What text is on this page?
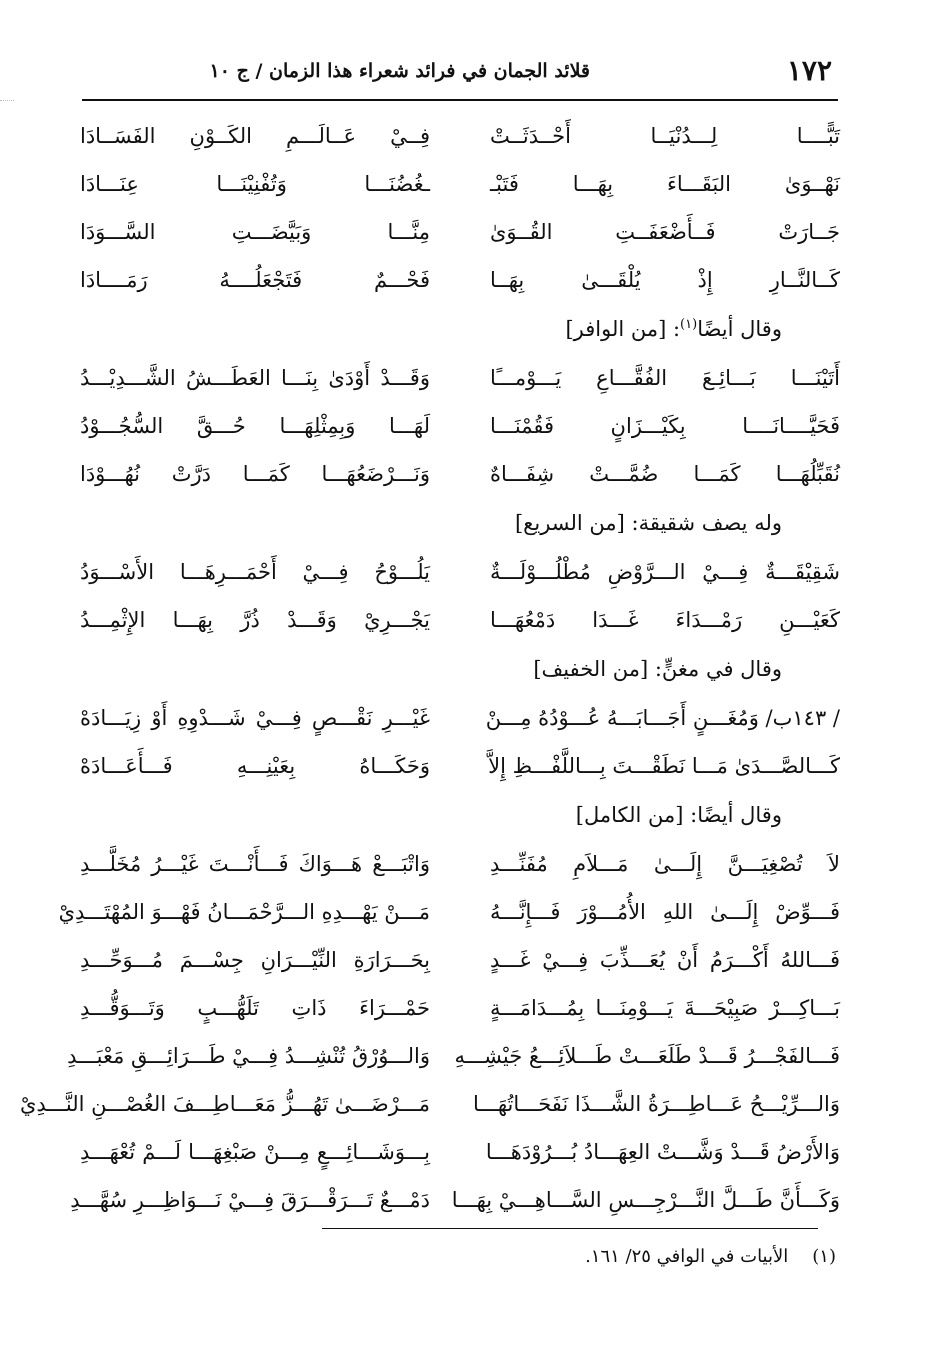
١٧٢
قلائد الجمان في فرائد شعراء هذا الزمان / ج ١٠
تَبًّــــا لِـــدُنْيَــا أَحْــدَثَــتْ
فِــيْ عَــالَـــمِ الكَــوْنِ الفَسَــادَا
نَهْــوَىٰ البَقَـــاءَ بِهَـــا فَتَبْـ
ـغُضُنَـــا وَتُفْنِيْنَـــا عِنَـــادَا
جَــارَتْ فَــأَضْعَفَــتِ القُــوَىٰ
مِنَّـــا وَبَيَّضَـــتِ السَّـــوَدَا
كَــالنَّــارِ إِذْ يُلْقَـــىٰ بِهَــا
فَحْـــمٌ فَتَجْعَلُــــهُ رَمَــــادَا
وقال أيضًا$^{(١)}$: [من الوافر]
أَتَيْنَـــا بَـــائِـعَ الفُقَّـــاعِ يَـــوْمـــًا
وَقَـــدْ أَوْدَىٰ بِنَـــا العَطَـــشُ الشَّـــدِيْـــدُ
فَحَيَّــــانَــــا بِكَيْـــزَانٍ فَقُمْنَـــا
لَهَـــا وَبِمِثْلِهَـــا حُـــقَّ السُّجُـــوْدُ
نُقَبِّلُهَـــا كَمَـــا ضُمَّـــتْ شِفَـــاهٌ
وَنَـــرْضَعُهَـــا كَمَـــا دَرَّتْ نُهُـــوْدَا
وله يصف شقيقة: [من السريع]
شَقِيْقَـــةٌ فِـــيْ الـــرَّوْضِ مُطْلُـــوْلَـــةٌ
يَلُـــوْحُ فِـــيْ أَحْمَـــرِهَـــا الأَسْـــوَدُ
كَعَيْـــنِ رَمْـــدَاءَ غَـــدَا دَمْعُهَـــا
يَجْـــرِيْ وَقَـــدْ ذُرَّ بِهَـــا الإِثْمِـــدُ
وقال في مغنٍّ: [من الخفيف]
/ ١٤٣ب/ وَمُغَـــنٍ أَجَـــابَـــهُ عُـــوْدُهُ مِـــنْ
غَيْـــرِ نَقْـــصٍ فِـــيْ شَـــدْوِهِ أَوْ زِيَـــادَهْ
كَـــالصَّـــدَىٰ مَـــا نَطَقْـــتَ بِـــاللَّفْـــظِ إِلاَّ
وَحَكَـــاهُ بِعَيْنِـــهِ فَـــأَعَـــادَهْ
وقال أيضًا: [من الكامل]
لاَ تُصْغِيَـــنَّ إِلَـــىٰ مَـــلاَمِ مُفَنِّـــدِ
وَاتْبَـــعْ هَـــوَاكَ فَـــأَنْـــتَ غَيْـــرُ مُخَلَّـــدِ
فَـــوِّضْ إِلَـــىٰ اللهِ الأُمُـــوْرَ فَـــإِنَّـــهُ
مَـــنْ يَهْـــدِهِ الـــرَّحْمَـــانُ فَهْـــوَ المُهْتَـــدِيْ
فَـــاللهُ أَكْـــرَمُ أَنْ يُعَـــذِّبَ فِـــيْ غَـــدٍ
بِحَـــرَارَةِ النِّيْـــرَانِ جِسْـــمَ مُـــوَحِّـــدِ
بَـــاكِـــرْ صَبِيْحَـــةَ يَـــوْمِنَـــا بِمُـــدَامَـــةٍ
حَمْـــرَاءَ ذَاتِ تَلَهُّـــبٍ وَتَـــوَقُّـــدِ
فَـــالفَجْـــرُ قَـــدْ طَلَعَـــتْ طَـــلاَئِـــعُ جَيْشِـــهِ
وَالـــوُرْقُ تُنْشِـــدُ فِـــيْ طَـــرَائِـــقِ مَعْبَـــدِ
وَالـــرِّيْـــحُ عَـــاطِـــرَةُ الشَّـــذَا نَفَحَـــاتُهَـــا
مَـــرْضَـــىٰ تَهُـــزُّ مَعَـــاطِـــفَ الغُصْـــنِ النَّـــدِيْ
وَالأَرْضُ قَـــدْ وَشَّـــتْ العِهَـــادُ بُـــرُوْدَهَـــا
بِـــوَشَـــائِـــعٍ مِـــنْ صَبْغِهَـــا لَـــمْ تُعْهَـــدِ
وَكَـــأَنَّ طَـــلَّ النَّـــرْجِـــسِ السَّـــاهِـــيْ بِهَـــا
دَمْـــعٌ تَـــرَقْـــرَقَ فِـــيْ نَـــوَاظِـــرِ سُهَّـــدِ
(١)الأبيات في الوافي ٢٥/ ١٦١.
